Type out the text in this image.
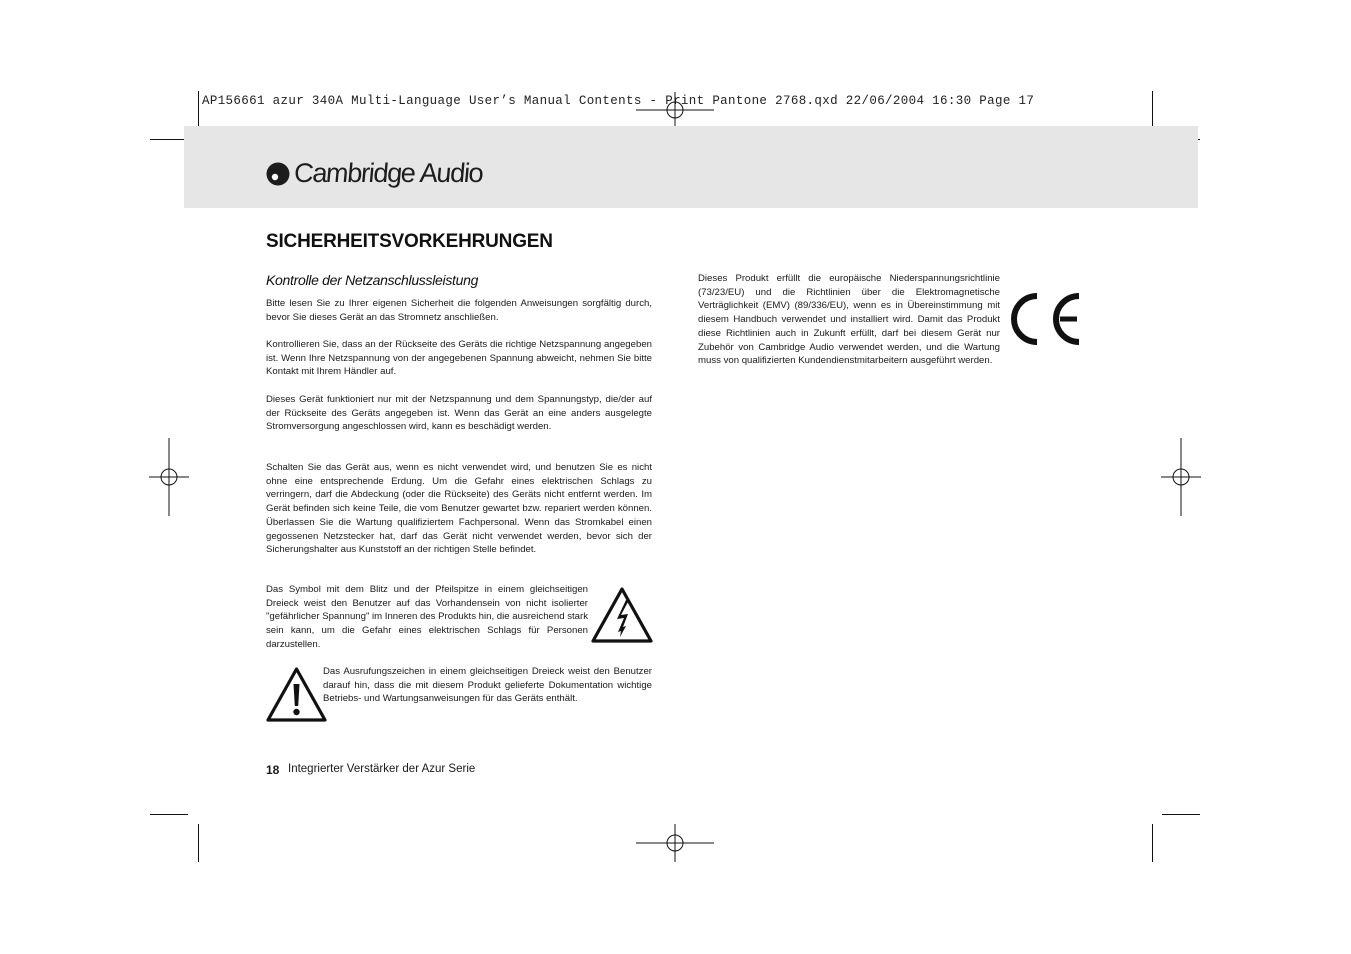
AP156661 azur 340A Multi-Language User’s Manual Contents - Print Pantone 2768.qxd 22/06/2004 16:30 Page 17
Cambridge Audio
SICHERHEITSVORKEHRUNGEN
Kontrolle der Netzanschlussleistung
Bitte lesen Sie zu Ihrer eigenen Sicherheit die folgenden Anweisungen sorgfältig durch, bevor Sie dieses Gerät an das Stromnetz anschließen.
Kontrollieren Sie, dass an der Rückseite des Geräts die richtige Netzspannung angegeben ist. Wenn Ihre Netzspannung von der angegebenen Spannung abweicht, nehmen Sie bitte Kontakt mit Ihrem Händler auf.
Dieses Gerät funktioniert nur mit der Netzspannung und dem Spannungstyp, die/der auf der Rückseite des Geräts angegeben ist. Wenn das Gerät an eine anders ausgelegte Stromversorgung angeschlossen wird, kann es beschädigt werden.
Schalten Sie das Gerät aus, wenn es nicht verwendet wird, und benutzen Sie es nicht ohne eine entsprechende Erdung. Um die Gefahr eines elektrischen Schlags zu verringern, darf die Abdeckung (oder die Rückseite) des Geräts nicht entfernt werden. Im Gerät befinden sich keine Teile, die vom Benutzer gewartet bzw. repariert werden können. Überlassen Sie die Wartung qualifiziertem Fachpersonal. Wenn das Stromkabel einen gegossenen Netzstecker hat, darf das Gerät nicht verwendet werden, bevor sich der Sicherungshalter aus Kunststoff an der richtigen Stelle befindet.
Das Symbol mit dem Blitz und der Pfeilspitze in einem gleichseitigen Dreieck weist den Benutzer auf das Vorhandensein von nicht isolierter "gefährlicher Spannung" im Inneren des Produkts hin, die ausreichend stark sein kann, um die Gefahr eines elektrischen Schlags für Personen darzustellen.
Das Ausrufungszeichen in einem gleichseitigen Dreieck weist den Benutzer darauf hin, dass die mit diesem Produkt gelieferte Dokumentation wichtige Betriebs- und Wartungsanweisungen für das Geräts enthält.
Dieses Produkt erfüllt die europäische Niederspannungsrichtlinie (73/23/EU) und die Richtlinien über die Elektromagnetische Verträglichkeit (EMV) (89/336/EU), wenn es in Übereinstimmung mit diesem Handbuch verwendet und installiert wird. Damit das Produkt diese Richtlinien auch in Zukunft erfüllt, darf bei diesem Gerät nur Zubehör von Cambridge Audio verwendet werden, und die Wartung muss von qualifizierten Kundendienstmitarbeitern ausgeführt werden.
18 Integrierter Verstärker der Azur Serie
